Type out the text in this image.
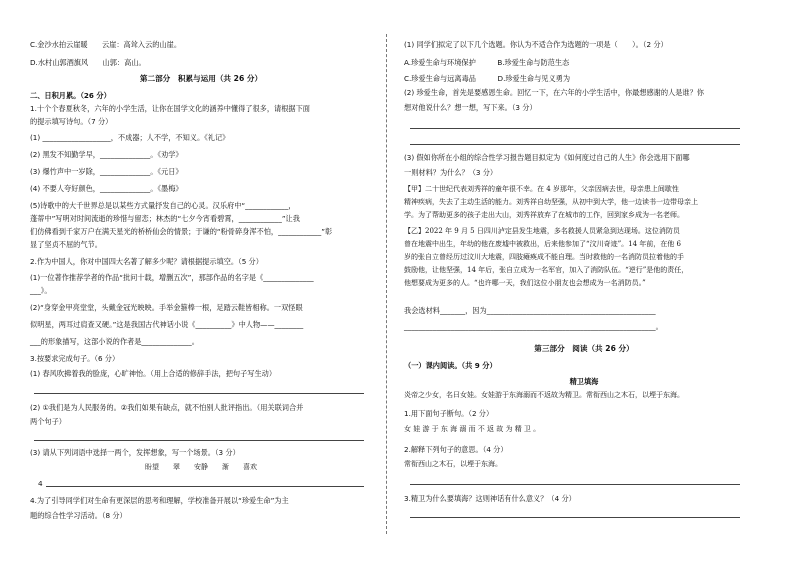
C.金沙水拍云崖暖　　云崖：高耸入云的山崖。
D.水村山郭酒旗风　　山郭：高山。
第二部分　积累与运用（共 26 分）
二、日积月累。（26 分）
1.十个个春夏秋冬，六年的小学生活，让你在国学文化的涵养中懂得了很多，请根据下面
的提示填写诗句。（7 分）
(1) ___________________，不成器；人不学，不知义。《礼记》
(2) 黑发不知勤学早，______________。《劝学》
(3) 爆竹声中一岁除，______________。《元日》
(4) 不要人夸好颜色，______________。《墨梅》
(5)诗歌中的大千世界总是以某些方式量抒发自己的心灵。汉乐府中“____________，
蓬蒂中”写明对时间流逝的珍惜与留恋；林杰的“七夕今宵看碧霄，____________”让我
们仿佛看到千家万户在满天星光的桥桥仙会的情景；于谦的“粉骨碎身浑不怕，____________”彰
显了坚贞不屈的气节。
2.作为中国人，你对中国四大名著了解多少呢？请根据提示填空。（5 分）
(1)一位著作推荐学者的作品“批问十载，增删五次”，那部作品的名字是《______________
___》。
(2)“身穿金甲亮堂堂，头戴金冠光映映。手举金箍棒一根，足踏云鞋皆相称。一双怪眼
似明星，两耳过肩查又硬。”这是我国古代神话小说《__________》中人物——________
___的形象描写，这部小说的作者是______________。
3.按要求完成句子。（6 分）
(1) 春风吹拂着我的脸庞，心旷神怡。（用上合适的修辞手法，把句子写生动）
(2) ①我们是为人民服务的。②我们如果有缺点，就不怕别人批评指出。（用关联词合并
两个句子）
(3) 请从下列词语中选择一两个，发挥想象，写一个场景。（3 分）
盼望　　翠　　安静　　渐　　喜欢
4
4.为了引导同学们对生命有更深层的思考和理解，学校准备开展以“珍爱生命”为主
题的综合性学习活动。（8 分）
(1) 同学们拟定了以下几个选题。你认为不适合作为选题的一项是（　　）。（2 分）
A.珍爱生命与环境保护　　　B.珍爱生命与防范生态
C.珍爱生命与远离毒品　　　D.珍爱生命与见义勇为
(2) 珍爱生命，首先是要感恩生命。回忆一下，在六年的小学生活中，你最想感谢的人是谁？你
想对他说什么？想一想，写下来。（3 分）
(3) 假如你所在小组的综合性学习报告题目拟定为《如何度过自己的人生》你会选用下面哪
一则材料？为什么？（3 分）
【甲】二十世纪代表刘秀祥的童年很不幸。在 4 岁那年，父亲因病去世，母亲患上间歇性
精神疾病，失去了主动生活的能力。刘秀祥自幼坚强，从初中到大学，他一边读书一边带母亲上
学。为了帮助更多的孩子走出大山，刘秀祥放弃了在城市的工作，回到家乡成为一名老师。
【乙】2022 年 9 月 5 日四川泸定县发生地震，多名救援人员紧急到达现场。这位消防员
曾在地震中出生，年幼的他在废墟中被救出，后来他参加了“汶川奇迹”。14 年前，在他 6
岁的张自立曾经历过汶川大地震，四肢瘫痪成不能自理。当时救他的一名消防员拉着他的手
鼓励他，让他坚强，14 年后，张自立成为一名军官，加入了消防队伍。“逆行”是他的责任，
他想要成为更多的人。“也许哪一天，我们这位小朋友也会想成为一名消防员。”
我会选材料_______，因为_______________________________________________
______________________________________________________________________。
第三部分　阅读（共 26 分）
（一）课内阅读。（共 9 分）
精卫填海
炎帝之少女，名曰女娃。女娃游于东海溺而不返故为精卫。常衔西山之木石，以堙于东海。
1.用下面句子断句。（2 分）
女 娃 游 于 东 海 溺 而 不 返 故 为 精 卫 。
2.解释下列句子的意思。（4 分）
常衔西山之木石，以堙于东海。
3.精卫为什么要填海？这则神话有什么意义？（4 分）
